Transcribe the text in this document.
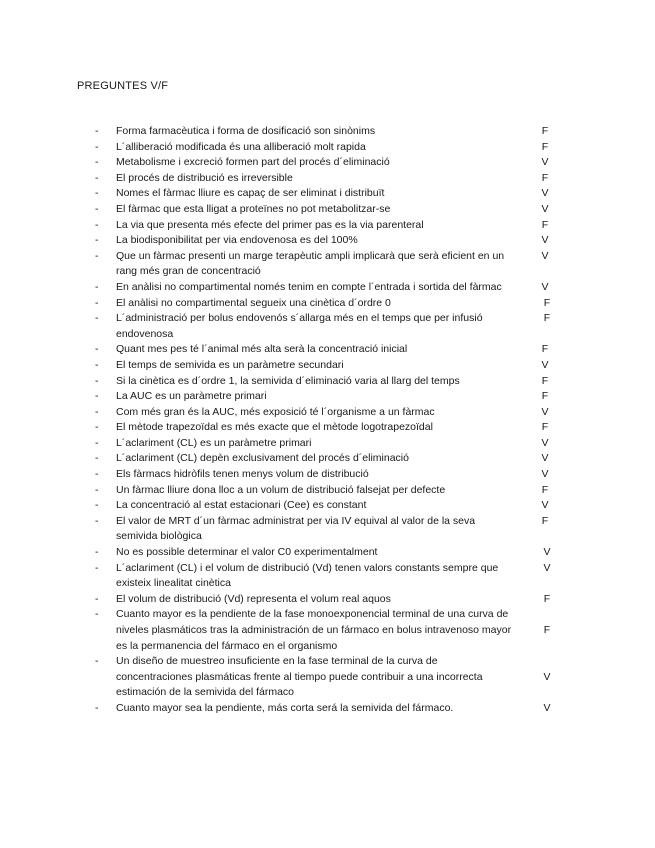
PREGUNTES V/F
- Forma farmacèutica i forma de dosificació son sinònims	F
- L´alliberació modificada és una alliberació molt rapida	F
- Metabolisme i excreció formen part del procés d´eliminació	V
- El procés de distribució es irreversible	F
- Nomes el fàrmac lliure es capaç de ser eliminat i distribuït	V
- El fàrmac que esta lligat a proteïnes no pot metabolitzar-se	V
- La via que presenta més efecte del primer pas es la via parenteral	F
- La biodisponibilitat per via endovenosa es del 100%	V
- Que un fàrmac presenti un marge terapèutic ampli implicarà que serà eficient en un rang més gran de concentració
V
- En anàlisi no compartimental només tenim en compte l´entrada i sortida del fàrmac	V
- El anàlisi no compartimental segueix una cinètica d´ordre 0	F
- L´administració per bolus endovenós s´allarga més en el temps que per infusió endovenosa
F
- Quant mes pes té l´animal més alta serà la concentració inicial	F
- El temps de semivida es un paràmetre secundari	V
- Si la cinètica es d´ordre 1, la semivida d´eliminació varia al llarg del temps	F
- La AUC es un paràmetre primari	F
- Com més gran és la AUC, més exposició té l´organisme a un fàrmac	V
- El mètode trapezoïdal es més exacte que el mètode logotrapezoïdal	F
- L´aclariment (CL) es un paràmetre primari	V
- L´aclariment (CL) depèn exclusivament del procés d´eliminació	V
- Els fàrmacs hidròfils tenen menys volum de distribució	V
- Un fàrmac lliure dona lloc a un volum de distribució falsejat per defecte	F
- La concentració al estat estacionari (Cee) es constant	V
- El valor de MRT d´un fàrmac administrat per via IV equival al valor de la seva semivida biològica
F
- No es possible determinar el valor C0 experimentalment	V
- L´aclariment (CL) i el volum de distribució (Vd) tenen valors constants sempre que existeix linealitat cinètica
V
- El volum de distribució (Vd) representa el volum real aquos	F
- Cuanto mayor es la pendiente de la fase monoexponencial terminal de una curva de niveles plasmáticos tras la administración de un fármaco en bolus intravenoso mayor es la permanencia del fármaco en el organismo
F
- Un diseño de muestreo insuficiente en la fase terminal de la curva de concentraciones plasmáticas frente al tiempo puede contribuir a una incorrecta estimación de la semivida del fármaco
V
- Cuanto mayor sea la pendiente, más corta será la semivida del fármaco.	V
